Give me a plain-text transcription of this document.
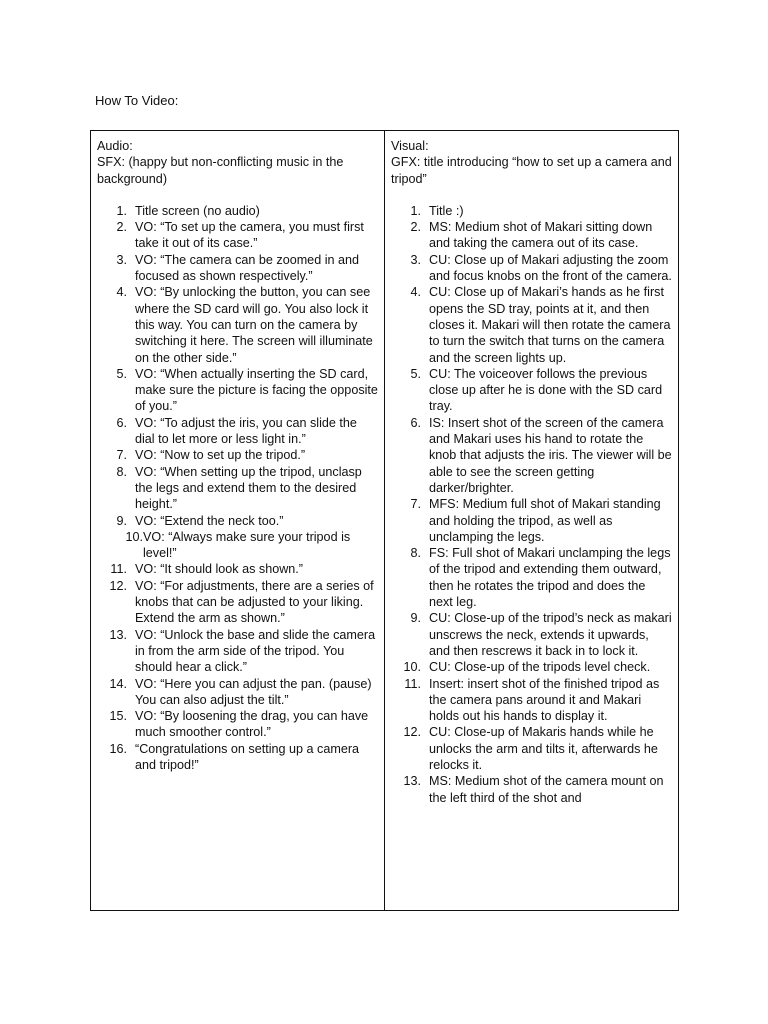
How To Video:

Audio:

SFX: (happy but non-conflicting music in the background)

1. Title screen (no audio)
2. VO: “To set up the camera, you must first take it out of its case.”
3. VO: “The camera can be zoomed in and focused as shown respectively.”
4. VO: “By unlocking the button, you can see where the SD card will go. You also lock it this way. You can turn on the camera by switching it here. The screen will illuminate on the other side.”
5. VO: “When actually inserting the SD card, make sure the picture is facing the opposite of you.”
6. VO: “To adjust the iris, you can slide the dial to let more or less light in.”
7. VO: “Now to set up the tripod.”
8. VO: “When setting up the tripod, unclasp the legs and extend them to the desired height.”
9. VO: “Extend the neck too.”
10. VO: “Always make sure your tripod is level!”
11. VO: “It should look as shown.”
12. VO: “For adjustments, there are a series of knobs that can be adjusted to your liking. Extend the arm as shown.”
13. VO: “Unlock the base and slide the camera in from the arm side of the tripod. You should hear a click.”
14. VO: “Here you can adjust the pan. (pause) You can also adjust the tilt.”
15. VO: “By loosening the drag, you can have much smoother control.”
16. “Congratulations on setting up a camera and tripod!”

Visual:

GFX: title introducing “how to set up a camera and tripod”

1. Title :)
2. MS: Medium shot of Makari sitting down and taking the camera out of its case.
3. CU: Close up of Makari adjusting the zoom and focus knobs on the front of the camera.
4. CU: Close up of Makari’s hands as he first opens the SD tray, points at it, and then closes it. Makari will then rotate the camera to turn the switch that turns on the camera and the screen lights up.
5. CU: The voiceover follows the previous close up after he is done with the SD card tray.
6. IS: Insert shot of the screen of the camera and Makari uses his hand to rotate the knob that adjusts the iris. The viewer will be able to see the screen getting darker/brighter.
7. MFS: Medium full shot of Makari standing and holding the tripod, as well as unclamping the legs.
8. FS: Full shot of Makari unclamping the legs of the tripod and extending them outward, then he rotates the tripod and does the next leg.
9. CU: Close-up of the tripod’s neck as makari unscrews the neck, extends it upwards, and then rescrews it back in to lock it.
10. CU: Close-up of the tripods level check.
11. Insert: insert shot of the finished tripod as the camera pans around it and Makari holds out his hands to display it.
12. CU: Close-up of Makaris hands while he unlocks the arm and tilts it, afterwards he relocks it.
13. MS: Medium shot of the camera mount on the left third of the shot and
